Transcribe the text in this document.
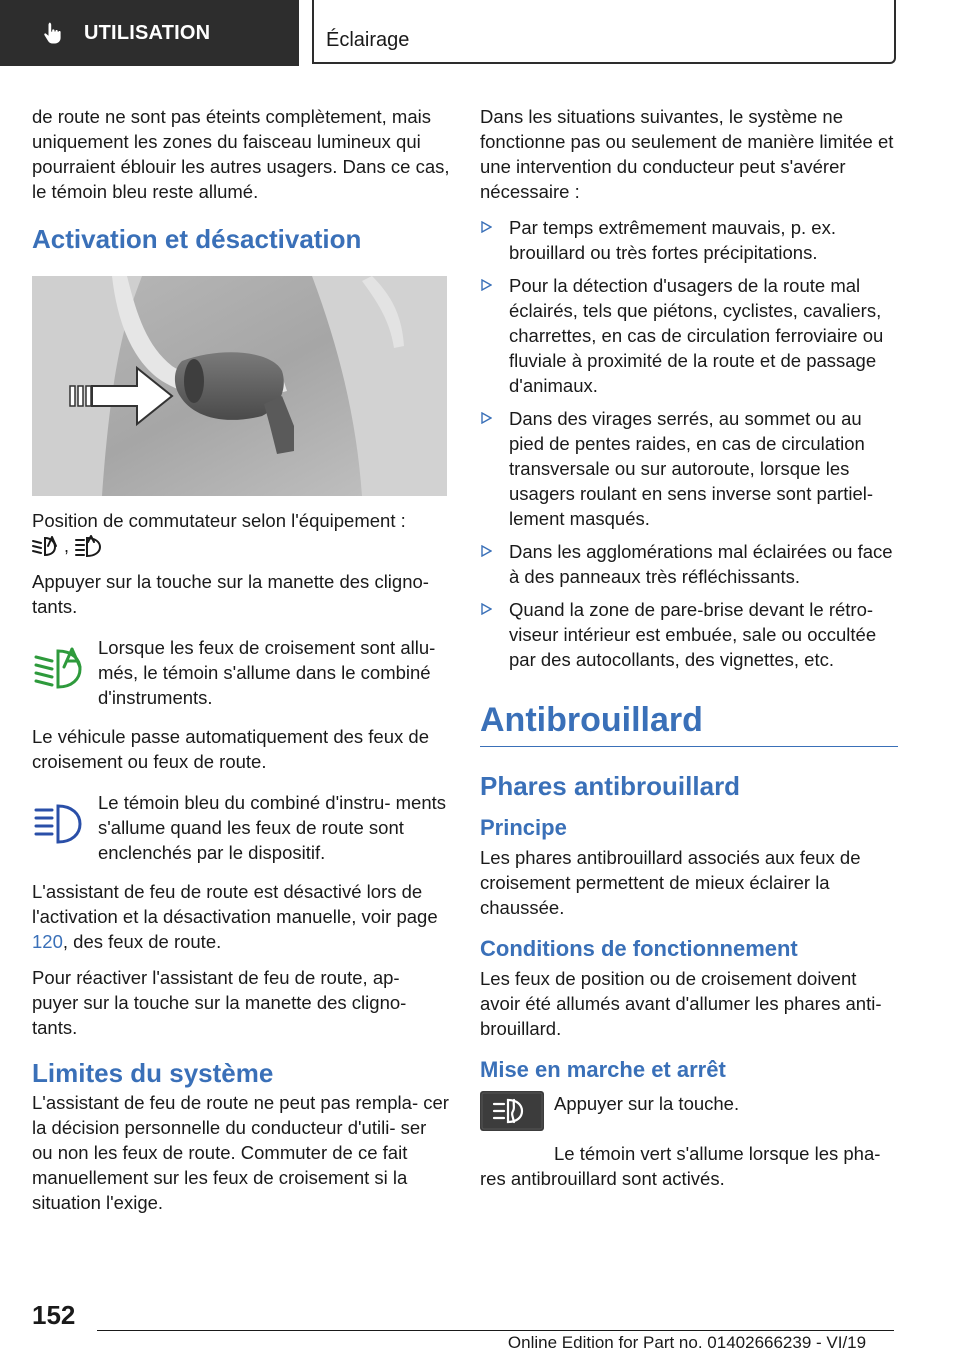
UTILISATION	Éclairage

de route ne sont pas éteints complètement, mais uniquement les zones du faisceau lumineux qui pourraient éblouir les autres usagers. Dans ce cas, le témoin bleu reste allumé.

Activation et désactivation

Position de commutateur selon l'équipement :

,

Appuyer sur la touche sur la manette des cligno- tants.

Lorsque les feux de croisement sont allu- més, le témoin s'allume dans le combiné d'instruments.

Le véhicule passe automatiquement des feux de croisement ou feux de route.

Le témoin bleu du combiné d'instru- ments s'allume quand les feux de route sont enclenchés par le dispositif.

L'assistant de feu de route est désactivé lors de l'activation et la désactivation manuelle, voir page 120, des feux de route.

Pour réactiver l'assistant de feu de route, ap- puyer sur la touche sur la manette des cligno- tants.

Limites du système

L'assistant de feu de route ne peut pas rempla- cer la décision personnelle du conducteur d'utili- ser ou non les feux de route. Commuter de ce fait manuellement sur les feux de croisement si la situation l'exige.

Dans les situations suivantes, le système ne fonctionne pas ou seulement de manière limitée et une intervention du conducteur peut s'avérer nécessaire :

Par temps extrêmement mauvais, p. ex. brouillard ou très fortes précipitations.
Pour la détection d'usagers de la route mal éclairés, tels que piétons, cyclistes, cavaliers, charrettes, en cas de circulation ferroviaire ou fluviale à proximité de la route et de passage d'animaux.
Dans des virages serrés, au sommet ou au pied de pentes raides, en cas de circulation transversale ou sur autoroute, lorsque les usagers roulant en sens inverse sont partiel- lement masqués.
Dans les agglomérations mal éclairées ou face à des panneaux très réfléchissants.
Quand la zone de pare-brise devant le rétro- viseur intérieur est embuée, sale ou occultée par des autocollants, des vignettes, etc.
Antibrouillard
Phares antibrouillard
Principe

Les phares antibrouillard associés aux feux de croisement permettent de mieux éclairer la chaussée.

Conditions de fonctionnement

Les feux de position ou de croisement doivent avoir été allumés avant d'allumer les phares anti- brouillard.

Mise en marche et arrêt
Appuyer sur la touche.

Le témoin vert s'allume lorsque les pha- res antibrouillard sont activés.

152
Online Edition for Part no. 01402666239 - VI/19
